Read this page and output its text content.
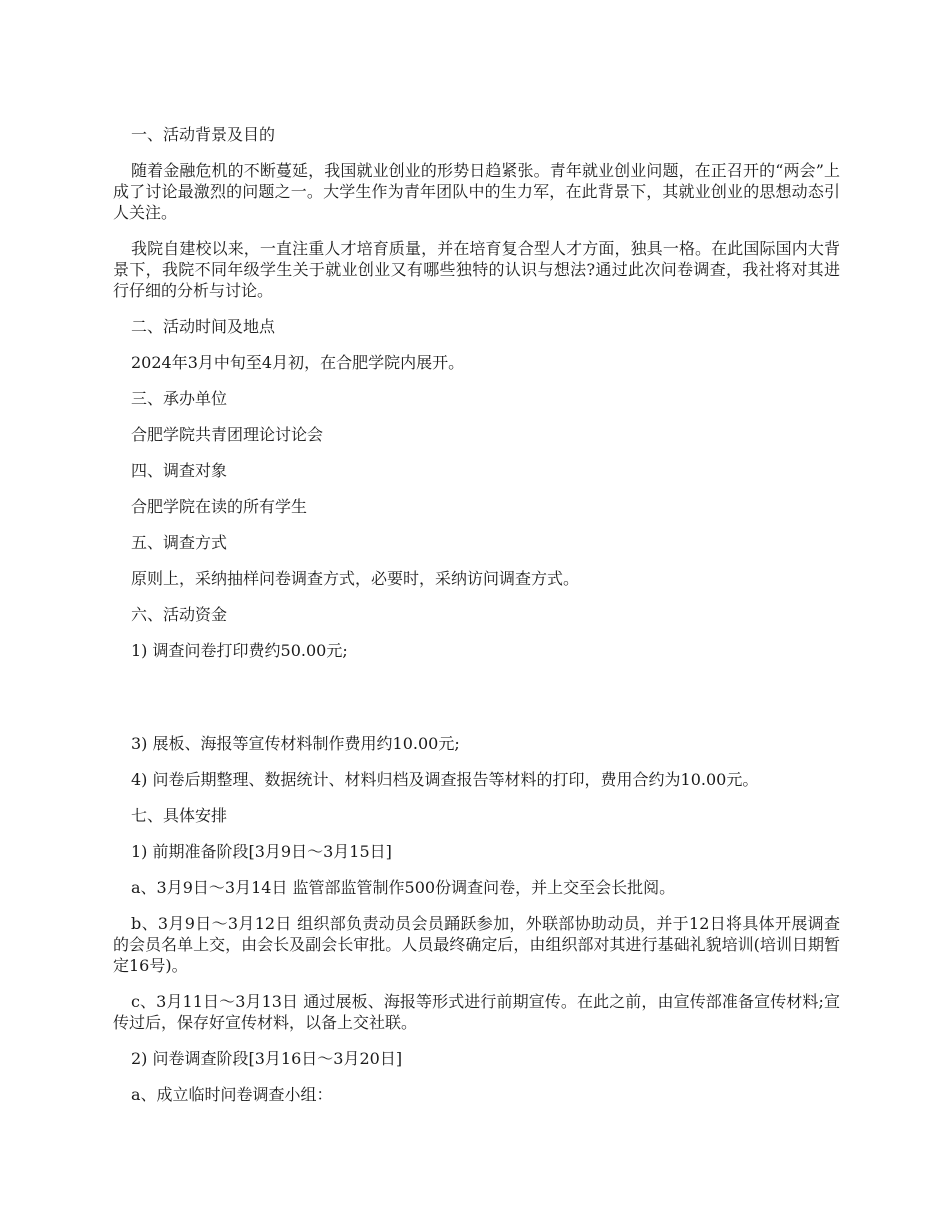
一、活动背景及目的

随着金融危机的不断蔓延，我国就业创业的形势日趋紧张。青年就业创业问题，在正召开的“两会”上成了讨论最激烈的问题之一。大学生作为青年团队中的生力军，在此背景下，其就业创业的思想动态引人关注。

我院自建校以来，一直注重人才培育质量，并在培育复合型人才方面，独具一格。在此国际国内大背景下，我院不同年级学生关于就业创业又有哪些独特的认识与想法?通过此次问卷调查，我社将对其进行仔细的分析与讨论。

二、活动时间及地点

2024年3月中旬至4月初，在合肥学院内展开。

三、承办单位

合肥学院共青团理论讨论会

四、调查对象

合肥学院在读的所有学生

五、调查方式

原则上，采纳抽样问卷调查方式，必要时，采纳访问调查方式。

六、活动资金

1) 调查问卷打印费约50.00元;

3) 展板、海报等宣传材料制作费用约10.00元;

4) 问卷后期整理、数据统计、材料归档及调查报告等材料的打印，费用合约为10.00元。

七、具体安排

1) 前期准备阶段[3月9日～3月15日]

a、3月9日～3月14日 监管部监管制作500份调查问卷，并上交至会长批阅。

b、3月9日～3月12日 组织部负责动员会员踊跃参加，外联部协助动员，并于12日将具体开展调查的会员名单上交，由会长及副会长审批。人员最终确定后，由组织部对其进行基础礼貌培训(培训日期暂定16号)。

c、3月11日～3月13日 通过展板、海报等形式进行前期宣传。在此之前，由宣传部准备宣传材料;宣传过后，保存好宣传材料，以备上交社联。

2) 问卷调查阶段[3月16日～3月20日]

a、成立临时问卷调查小组：
